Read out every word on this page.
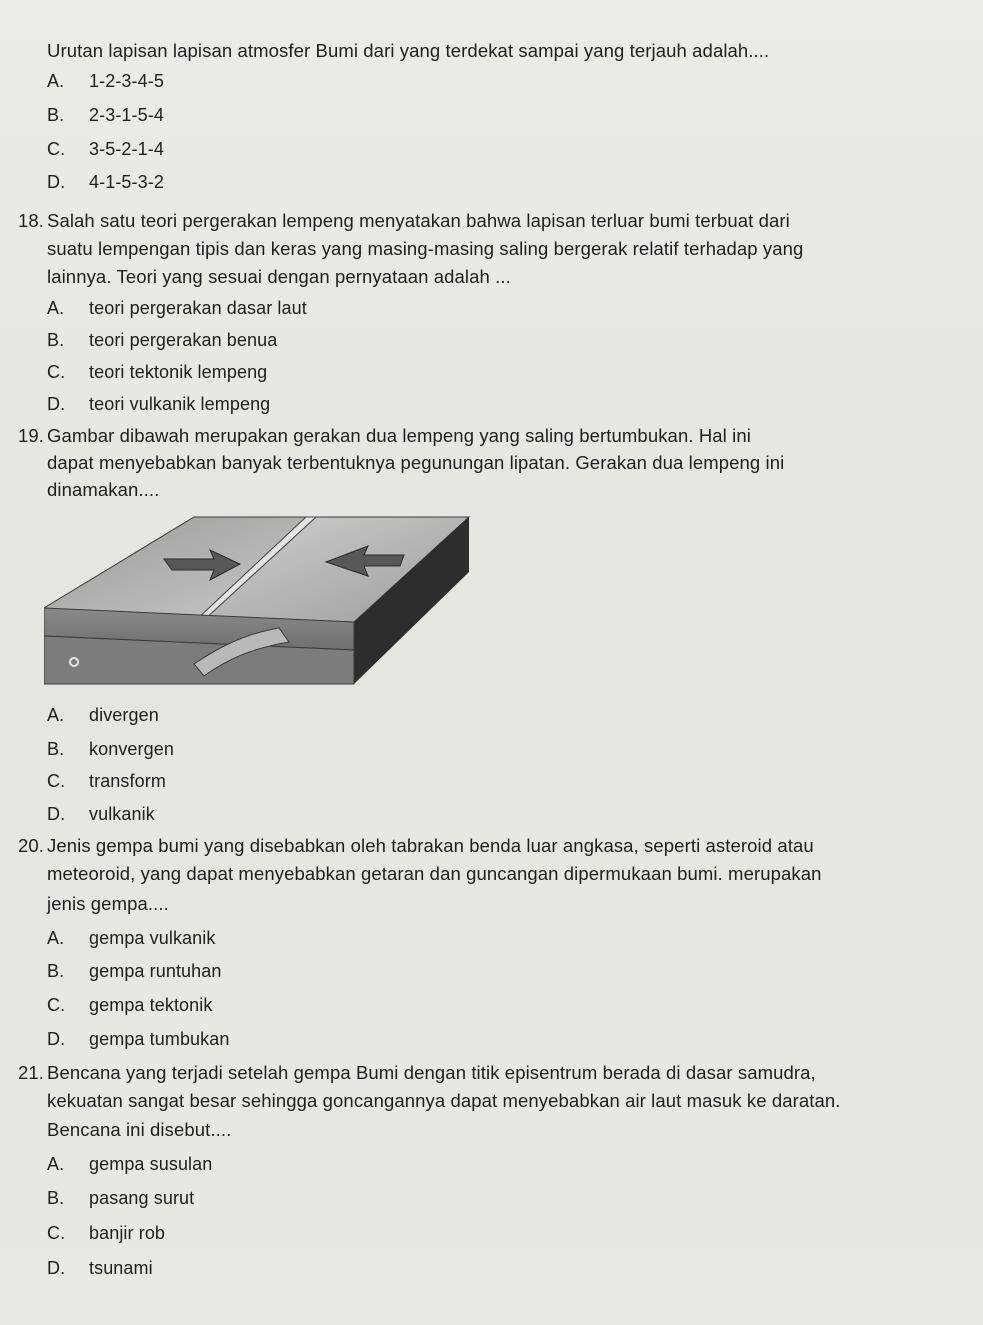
Urutan lapisan lapisan atmosfer Bumi dari yang terdekat sampai yang terjauh adalah....
A. 1-2-3-4-5
B. 2-3-1-5-4
C. 3-5-2-1-4
D. 4-1-5-3-2
18. Salah satu teori pergerakan lempeng menyatakan bahwa lapisan terluar bumi terbuat dari
suatu lempengan tipis dan keras yang masing-masing saling bergerak relatif terhadap yang
lainnya. Teori yang sesuai dengan pernyataan adalah ...
A. teori pergerakan dasar laut
B. teori pergerakan benua
C. teori tektonik lempeng
D. teori vulkanik lempeng
19. Gambar dibawah merupakan gerakan dua lempeng yang saling bertumbukan. Hal ini
dapat menyebabkan banyak terbentuknya pegunungan lipatan. Gerakan dua lempeng ini
dinamakan....
A. divergen
B. konvergen
C. transform
D. vulkanik
20. Jenis gempa bumi yang disebabkan oleh tabrakan benda luar angkasa, seperti asteroid atau
meteoroid, yang dapat menyebabkan getaran dan guncangan dipermukaan bumi. merupakan
jenis gempa....
A. gempa vulkanik
B. gempa runtuhan
C. gempa tektonik
D. gempa tumbukan
21. Bencana yang terjadi setelah gempa Bumi dengan titik episentrum berada di dasar samudra,
kekuatan sangat besar sehingga goncangannya dapat menyebabkan air laut masuk ke daratan.
Bencana ini disebut....
A. gempa susulan
B. pasang surut
C. banjir rob
D. tsunami
